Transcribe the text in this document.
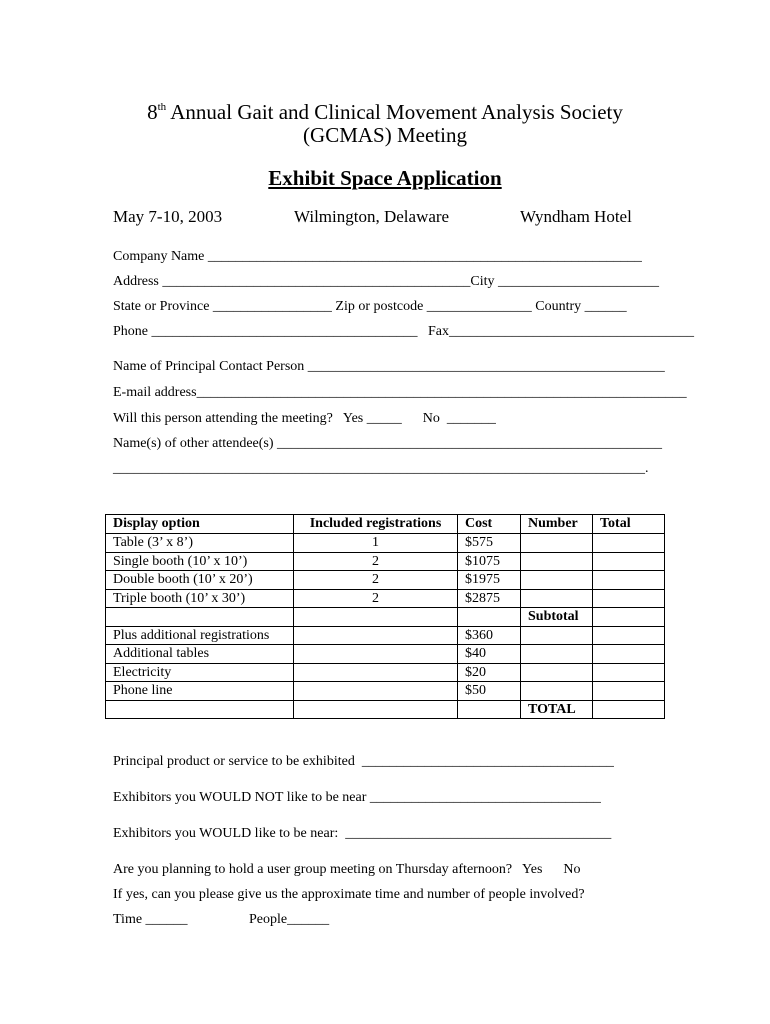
8th Annual Gait and Clinical Movement Analysis Society
(GCMAS) Meeting
Exhibit Space Application
May 7-10, 2003	Wilmington, Delaware	Wyndham Hotel
Company Name ______________________________________________________________
Address ____________________________________________City _______________________
State or Province _________________ Zip or postcode _______________ Country ______
Phone ______________________________________   Fax___________________________________
Name of Principal Contact Person ___________________________________________________
E-mail address______________________________________________________________________
Will this person attending the meeting?   Yes _____      No  _______
Name(s) of other attendee(s) _______________________________________________________
____________________________________________________________________________.
Display option	Included registrations	Cost	Number	Total
Table (3’ x 8’)	1	$575		
Single booth (10’ x 10’)	2	$1075		
Double booth (10’ x 20’)	2	$1975		
Triple booth (10’ x 30’)	2	$2875		
			Subtotal	
Plus additional registrations		$360		
Additional tables		$40		
Electricity		$20		
Phone line		$50		
			TOTAL	
Principal product or service to be exhibited  ____________________________________
Exhibitors you WOULD NOT like to be near _________________________________
Exhibitors you WOULD like to be near:  ______________________________________
Are you planning to hold a user group meeting on Thursday afternoon?   Yes      No
If yes, can you please give us the approximate time and number of people involved?
Time ______	People______
